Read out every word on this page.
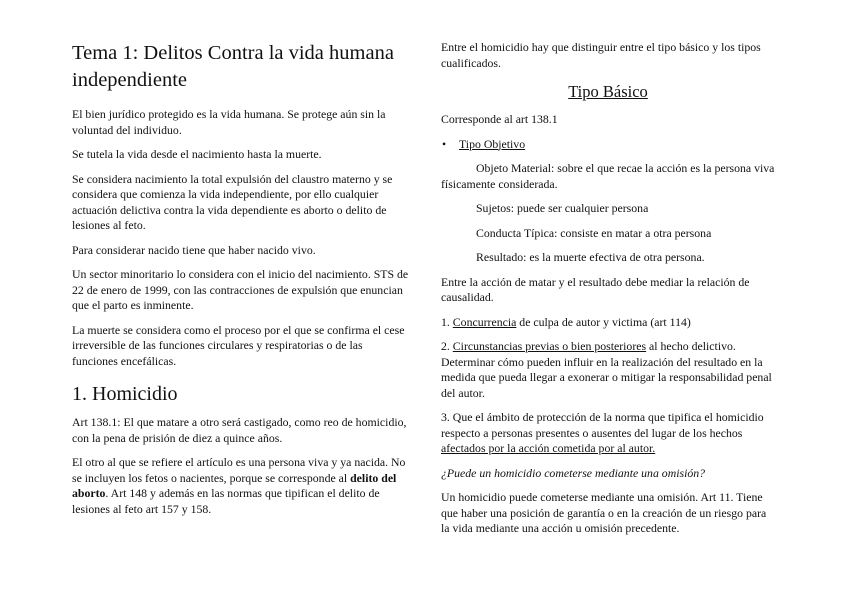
Tema 1: Delitos Contra la vida humana independiente

El bien jurídico protegido es la vida humana. Se protege aún sin la voluntad del individuo.

Se tutela la vida desde el nacimiento hasta la muerte.

Se considera nacimiento la total expulsión del claustro materno y se considera que comienza la vida independiente, por ello cualquier actuación delictiva contra la vida dependiente es aborto o delito de lesiones al feto.

Para considerar nacido tiene que haber nacido vivo.

Un sector minoritario lo considera con el inicio del nacimiento. STS de 22 de enero de 1999, con las contracciones de expulsión que enuncian que el parto es inminente.

La muerte se considera como el proceso por el que se confirma el cese irreversible de las funciones circulares y respiratorias o de las funciones encefálicas.

1. Homicidio

Art 138.1: El que matare a otro será castigado, como reo de homicidio, con la pena de prisión de diez a quince años.

El otro al que se refiere el artículo es una persona viva y ya nacida. No se incluyen los fetos o nacientes, porque se corresponde al delito del aborto. Art 148 y además en las normas que tipifican el delito de lesiones al feto art 157 y 158.

Entre el homicidio hay que distinguir entre el tipo básico y los tipos cualificados.

Tipo Básico

Corresponde al art 138.1

• Tipo Objetivo

Objeto Material: sobre el que recae la acción es la persona viva físicamente considerada.

Sujetos: puede ser cualquier persona

Conducta Típica: consiste en matar a otra persona

Resultado: es la muerte efectiva de otra persona.

Entre la acción de matar y el resultado debe mediar la relación de causalidad.

1. Concurrencia de culpa de autor y victima (art 114)

2. Circunstancias previas o bien posteriores al hecho delictivo. Determinar cómo pueden influir en la realización del resultado en la medida que pueda llegar a exonerar o mitigar la responsabilidad penal del autor.

3. Que el ámbito de protección de la norma que tipifica el homicidio respecto a personas presentes o ausentes del lugar de los hechos afectados por la acción cometida por al autor.

¿Puede un homicidio cometerse mediante una omisión?

Un homicidio puede cometerse mediante una omisión. Art 11. Tiene que haber una posición de garantía o en la creación de un riesgo para la vida mediante una acción u omisión precedente.
